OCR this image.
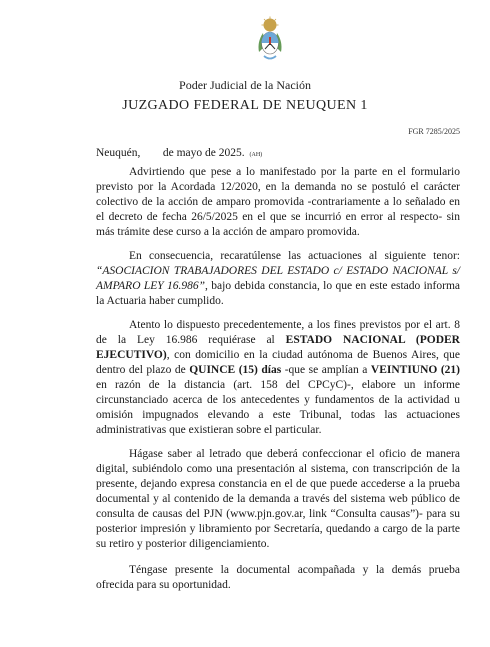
Poder Judicial de la Nación
JUZGADO FEDERAL DE NEUQUEN 1
FGR 7285/2025
Neuquén, de mayo de 2025. (AH)

Advirtiendo que pese a lo manifestado por la parte en el formulario previsto por la Acordada 12/2020, en la demanda no se postuló el carácter colectivo de la acción de amparo promovida -contrariamente a lo señalado en el decreto de fecha 26/5/2025 en el que se incurrió en error al respecto- sin más trámite dese curso a la acción de amparo promovida.

En consecuencia, recaratúlense las actuaciones al siguiente tenor: “ASOCIACION TRABAJADORES DEL ESTADO c/ ESTADO NACIONAL s/ AMPARO LEY 16.986”, bajo debida constancia, lo que en este estado informa la Actuaria haber cumplido.

Atento lo dispuesto precedentemente, a los fines previstos por el art. 8 de la Ley 16.986 requiérase al ESTADO NACIONAL (PODER EJECUTIVO), con domicilio en la ciudad autónoma de Buenos Aires, que dentro del plazo de QUINCE (15) días -que se amplían a VEINTIUNO (21) en razón de la distancia (art. 158 del CPCyC)-, elabore un informe circunstanciado acerca de los antecedentes y fundamentos de la actividad u omisión impugnados elevando a este Tribunal, todas las actuaciones administrativas que existieran sobre el particular.

Hágase saber al letrado que deberá confeccionar el oficio de manera digital, subiéndolo como una presentación al sistema, con transcripción de la presente, dejando expresa constancia en el de que puede accederse a la prueba documental y al contenido de la demanda a través del sistema web público de consulta de causas del PJN (www.pjn.gov.ar, link “Consulta causas”)- para su posterior impresión y libramiento por Secretaría, quedando a cargo de la parte su retiro y posterior diligenciamiento.

Téngase presente la documental acompañada y la demás prueba ofrecida para su oportunidad.
